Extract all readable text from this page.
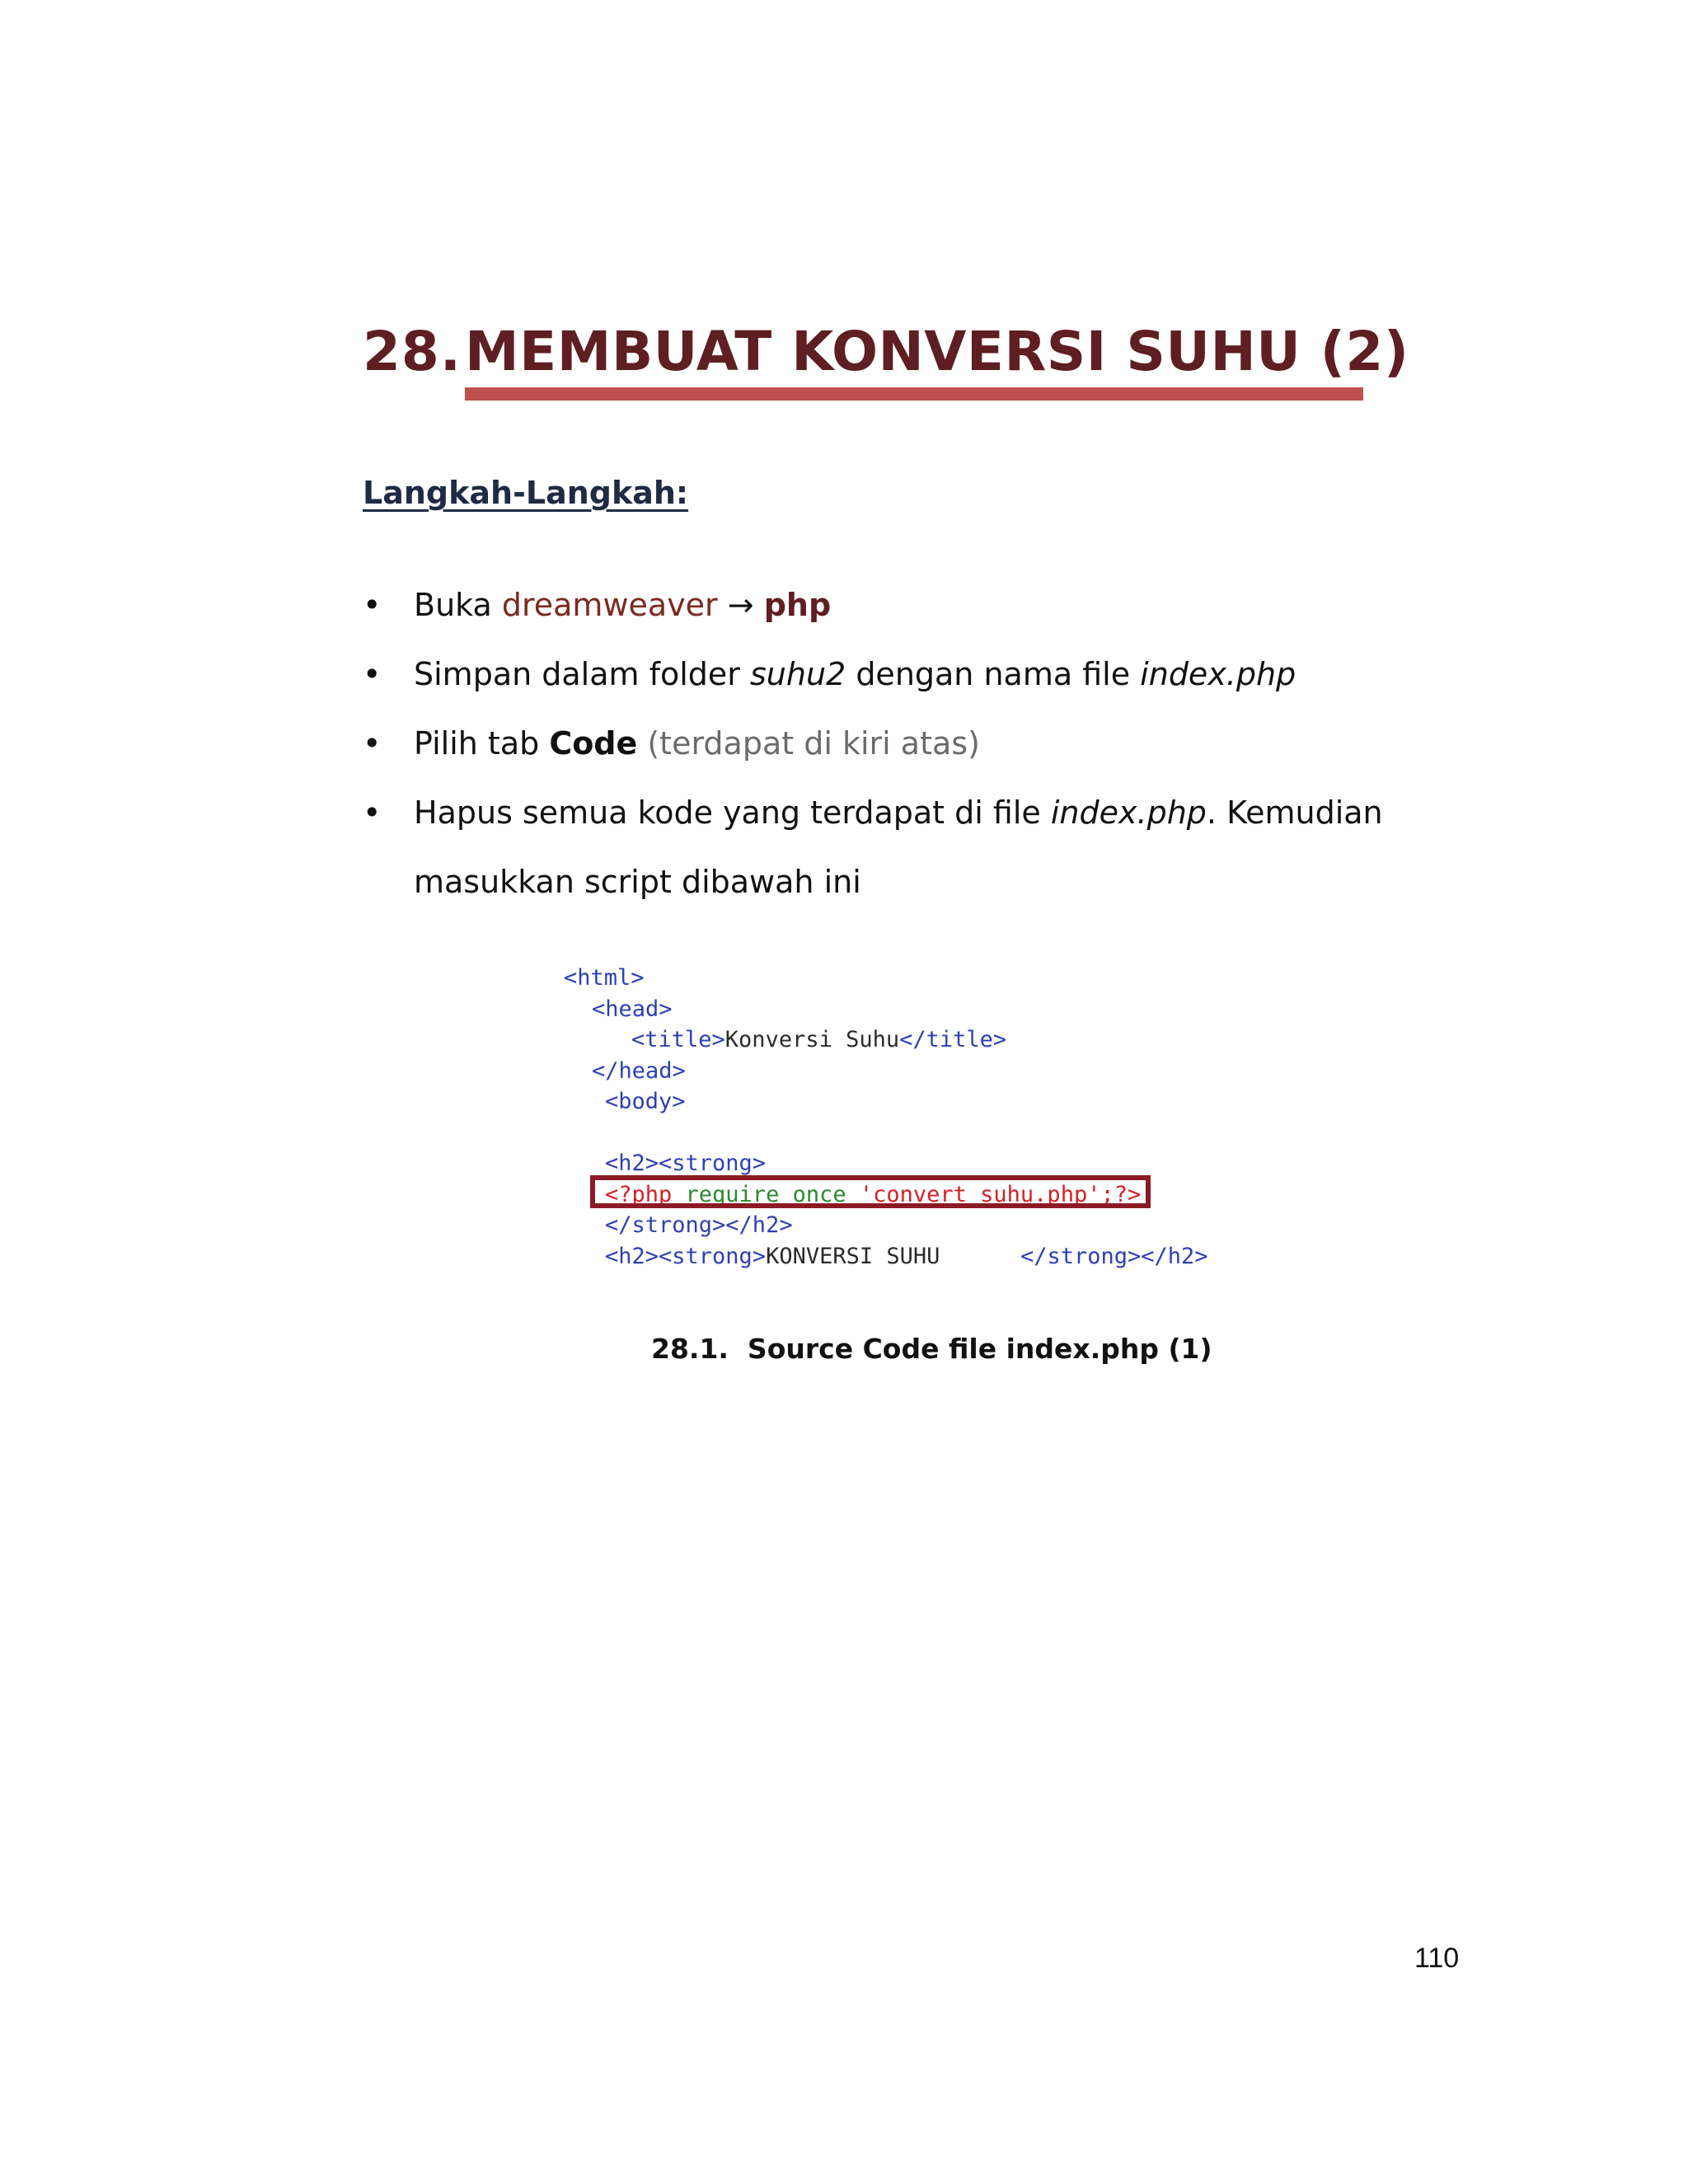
28. MEMBUAT KONVERSI SUHU (2)
Langkah-Langkah:
• Buka dreamweaver → php
• Simpan dalam folder suhu2 dengan nama file index.php
• Pilih tab Code (terdapat di kiri atas)
• Hapus semua kode yang terdapat di file index.php. Kemudian
masukkan script dibawah ini
<html>
<head>
<title>Konversi Suhu</title>
</head>
<body>
<h2><strong>
<?php require_once 'convert_suhu.php';?>
</strong></h2>
<h2><strong>KONVERSI SUHU      </strong></h2>
28.1.  Source Code file index.php (1)
110
